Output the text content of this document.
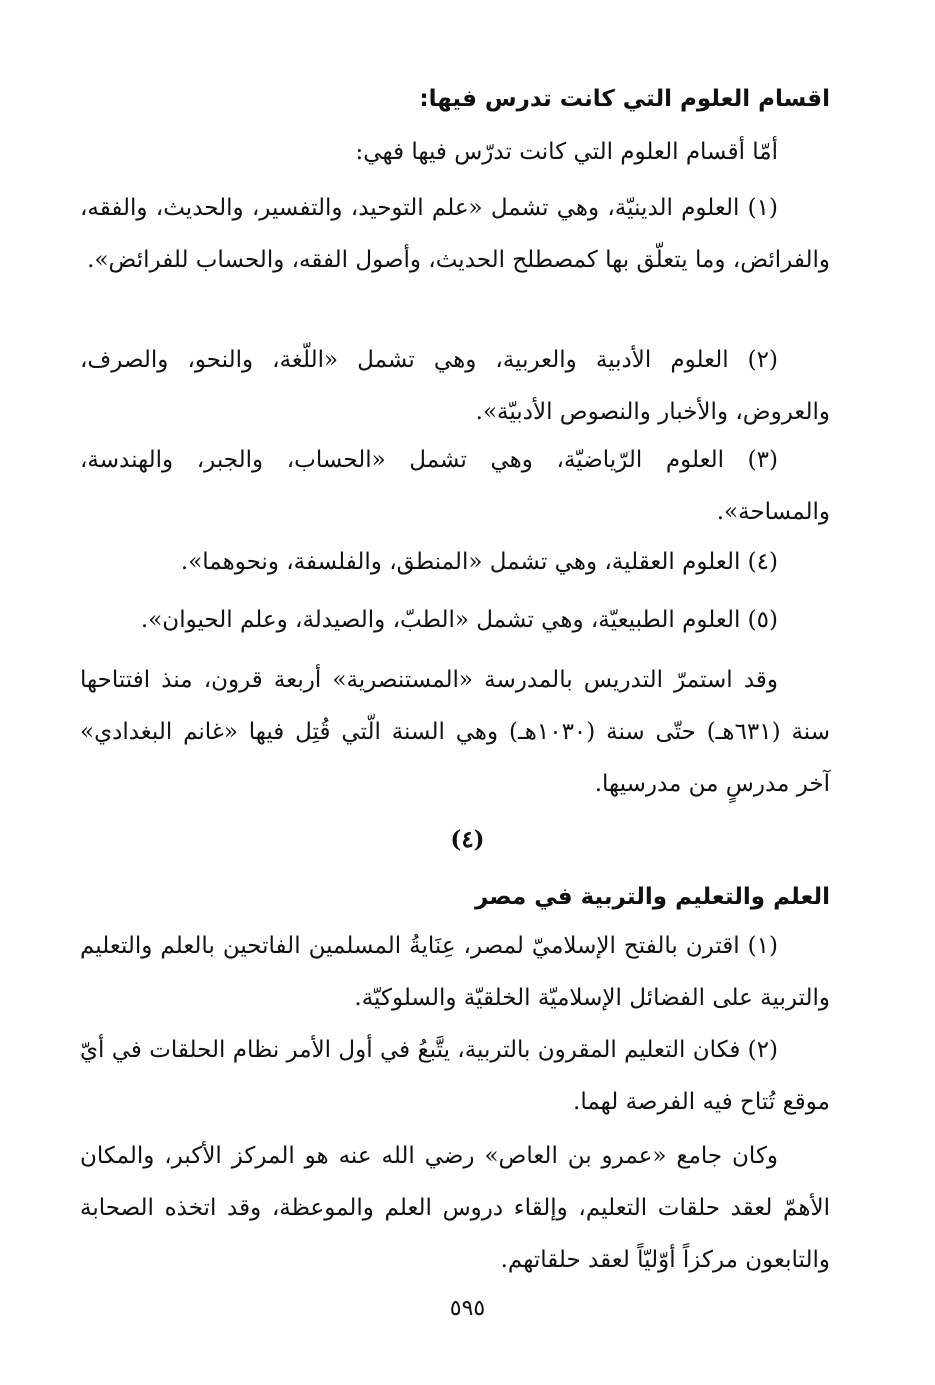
اقسام العلوم التي كانت تدرس فيها:
أمّا أقسام العلوم التي كانت تدرّس فيها فهي:
(١) العلوم الدينيّة، وهي تشمل «علم التوحيد، والتفسير، والحديث، والفقه، والفرائض، وما يتعلّق بها كمصطلح الحديث، وأصول الفقه، والحساب للفرائض».
(٢) العلوم الأدبية والعربية، وهي تشمل «اللّغة، والنحو، والصرف، والعروض، والأخبار والنصوص الأدبيّة».
(٣) العلوم الرّياضيّة، وهي تشمل «الحساب، والجبر، والهندسة، والمساحة».
(٤) العلوم العقلية، وهي تشمل «المنطق، والفلسفة، ونحوهما».
(٥) العلوم الطبيعيّة، وهي تشمل «الطبّ، والصيدلة، وعلم الحيوان».
وقد استمرّ التدريس بالمدرسة «المستنصرية» أربعة قرون، منذ افتتاحها سنة (٦٣١هـ) حتّى سنة (١٠٣٠هـ) وهي السنة الّتي قُتِل فيها «غانم البغدادي» آخر مدرسٍ من مدرسيها.
(٤)
العلم والتعليم والتربية في مصر
(١) اقترن بالفتح الإسلاميّ لمصر، عِنَايةُ المسلمين الفاتحين بالعلم والتعليم والتربية على الفضائل الإسلاميّة الخلقيّة والسلوكيّة.
(٢) فكان التعليم المقرون بالتربية، يتَّبعُ في أول الأمر نظام الحلقات في أيّ موقع تُتاح فيه الفرصة لهما.
وكان جامع «عمرو بن العاص» رضي الله عنه هو المركز الأكبر، والمكان الأهمّ لعقد حلقات التعليم، وإلقاء دروس العلم والموعظة، وقد اتخذه الصحابة والتابعون مركزاً أوّليّاً لعقد حلقاتهم.
٥٩٥
